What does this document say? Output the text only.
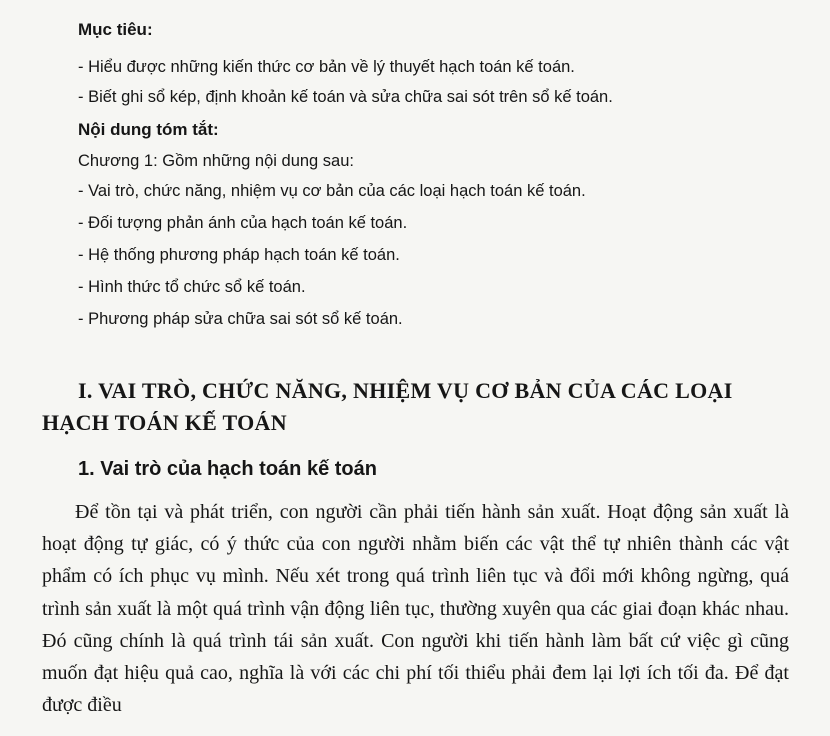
Mục tiêu:
- Hiểu được những kiến thức cơ bản về lý thuyết hạch toán kế toán.
- Biết ghi sổ kép, định khoản kế toán và sửa chữa sai sót trên sổ kế toán.
Nội dung tóm tắt:
Chương 1: Gồm những nội dung sau:
- Vai trò, chức năng, nhiệm vụ cơ bản của các loại hạch toán kế toán.
- Đối tượng phản ánh của hạch toán kế toán.
- Hệ thống phương pháp hạch toán kế toán.
- Hình thức tổ chức sổ kế toán.
- Phương pháp sửa chữa sai sót sổ kế toán.
I. VAI TRÒ, CHỨC NĂNG, NHIỆM VỤ CƠ BẢN CỦA CÁC LOẠI
HẠCH TOÁN KẾ TOÁN
1. Vai trò của hạch toán kế toán

Để tồn tại và phát triển, con người cần phải tiến hành sản xuất. Hoạt động sản xuất là hoạt động tự giác, có ý thức của con người nhằm biến các vật thể tự nhiên thành các vật phẩm có ích phục vụ mình. Nếu xét trong quá trình liên tục và đổi mới không ngừng, quá trình sản xuất là một quá trình vận động liên tục, thường xuyên qua các giai đoạn khác nhau. Đó cũng chính là quá trình tái sản xuất. Con người khi tiến hành làm bất cứ việc gì cũng muốn đạt hiệu quả cao, nghĩa là với các chi phí tối thiểu phải đem lại lợi ích tối đa. Để đạt được điều
